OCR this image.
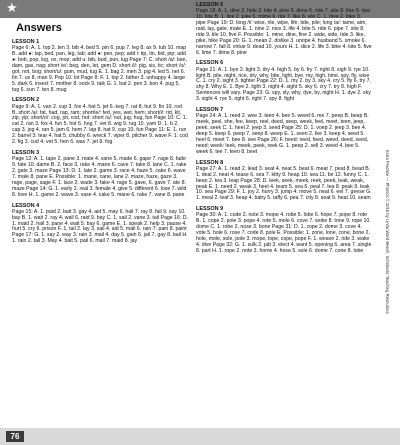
★
Answers
LESSON 1

Page 6: A. 1. top 2. ten 3. bib 4. bed 5. pin 6. pup 7. leg 8. ax 9. tub 10. map B. add ●: tap, bed, pan, leg, tab; add ●: pen, pep; add i: tip, tin, bid, pip; add ●: bob, pop, log, ox, mop; add u: bib, bud, pun, lug Page 7: C. short /a/: ban, dam, gas, nag; short /e/: beg, den, let, gem D. short /i/: pig, sis, tic; short /o/: got, not, bog; short/u/: gum, mud, tug E. 1. bag 2. men 3. pig 4. led 5. net 6. fin 7. us 8. man 9. Pop 10. lot Page 8: F. 1. top 2. father 3. unhappy 4. large 5. dark 6. insect 7. mother 8. sock 9. talk G. 1. bat 2. pen 3. bon 4. pug 5. tug 6. sun 7. ten 8. mug

LESSON 2

Page 9: A. 1. van 2. cup 3. fox 4. hat 5. jet 6. keg 7. rat 8. hut 9. fin 10. rod B. short /a/: fat, had, rap, ram; short/e/: fed, yes, wet, hem; short/i/: rid, kit, zip, yip; short/o/: cog, jot, cod, hot: short /u/: nut, jug, hug, fun Page 10: C. 1. cat 2. ran 3. fox 4. fun 5. hot 6. hog 7. vet 8. wig 9. rug 10. yam D. 1. b 2. cap 3. jog 4. ran 5. jam 6. hem 7. lap 8. hat 9. cup 10. fun Page 11: E. 1. run 2. barrel 3. tear 4. hat 5. chubby 6. wreck 7. viper 8. pitcher 9. wave F. 1. cod 2. fig 3. cud 4. vet 5. hen 6. wax 7. jet 8. fog

LESSON 3

Page 12: A. 1. tape 2. pane 3. mate 4. vane 5. made 6. gape 7. rage 8. fade 9. fate 10. dame B. 2. face 3. rake 4. mane 6. cave 7. take 8. lane C. 1. rake 2. gate 3. maze Page 13: D. 1. late 2. game 3. race 4. haze 5. cake 6. wave 7. male 8. pane E. Possible: 1. mane, cane, lane 2. maze, haze, gaze 3. rage, page, sage F. 1. lace 2. wade 3. fake 4. rage 5. gave, 6. gave 7. ate 8. maze Page 14: G. 1. early 2. real 3. female 4. give 5. different 6. lose 7. wild 8. love H. 1. game 2. wave 3. vase 4. cake 5. mane 6. rake 7. vane 8. pane

LESSON 4

Page 15: A. 1. paid 2. bait 3. gay 4. aid 5. may 6. hail 7. ray 8. fail 9. say 10. bay B. 1. wait 2. ray 4. wail 6. raid 9. bay C. 1. sail 2. vane 3. tail Page 16: D. 1. maid 2. hail 3. pane 4. wait 5. bay 6. game E. 1. speak 2. help 3. pause 4. hurt 5. cry 6. prison F. 1. tail 2. lay 3. sail 4. aid 5. mail 6. rain 7. pain 8. paint Page 17: G. 1. say 2. way 3. rain 3. mail 4. day 5. gain 6. jail 7. gay 8. bail H. 1. rain 2. tail 3. May 4. bait 5. pail 6. mail 7. maid 8. jay

LESSON 5

Page 18: A. 1. dine 2. hide 3. kite 4. pine 5. dime 6. ride 7. site 8. fine 9. ripe 10. bite B. 1. lice 2. pike 5. mime 6. rite 7. like 8. vile C. 1. hive 2. bike 3. pipe Page 19: D. long /i/: wise, rile, wipe, life, tide, pile; long /a/: tame, aim, raid, lay, gate, mate E. 1. nine 2. nice 3. life 4. bite 5. ride 6. pipe 7. site 8. ride 9. tile 10. five F. Possible: 1. mine, dine, fine 2. wide, side, tide 3. like, pike, hike Page 20: G. 1. mean 2. dislike 3. unripe 4. husband 5. smoke 6. narrow 7. fall 8. virtue 9. dead 10. yours H. 1. dice 2. life 3. bike 4. kite 5. five 6. lime 7. dime 8. pine

LESSON 6

Page 21: A. 1. bye 2. tight 3. dry 4. high 5. by 6. fry 7. right 8. sigh 9. rye 10. light B. pile, night, rice, dry, why, bite, light, bye, my, high, time, spy, fly, wise C. 1. cry 2. sight 3. tighter Page 22: D. 1. my 2. by 3. sky 4. cry 5. fly 6. try 7. shy 8. Why E. 1. Bye 2. light 3. night 4. sight 5. sky 6. cry 7. try 8. high F. Sentences will vary. Page 23: G. spy, sly, why, dye, by, night H. 1. dye 2. sky 3. sight 4. rye 5. right 6. right 7. spy 8. fight

LESSON 7

Page 24: A. 1. reed 2. wee 3. teen 4. bee 5. weed 6. me 7. peep B. beep B. meek, peel, she, fee, keep, reel, deed, seep, week, feel, meet, teen, jeep, peek, seek C. 1. heel 2. jeep 3. seed Page 25: D. 1. voep 2. jeep 3. bee 4. deep 5. keep 6. peep 7. seep 8. weep E. 1. seen 2. fee 3. keep 4. seed 5. heel 6. meet 7. bee 8. see Page 26: F. heed: reed, feed, weed, deed, seed, need; week: leek, meek, peek, reek G. 1. peep 2. sell 3. weed 4. bee 5. week 6. tee 7. teen 8. beet

LESSON 8

Page 27: A. 1. read 2. lead 3. seat 4. neat 5. beat 6. meat 7. peat 8. bead B. 1. deal 2. neat 4. tease 6. sea 7. kitty 9. heap 10. sea 11. be 12. funny C. 1. bean 2. tea 3. leap Page 28: D. leek, seek, meek, reek, peek, leak, weak, peak E. 1. need 2. weak 3. heel 4. team 5. sea 6. peal 7. tea 8. peak 9. leak 10. sea Page 29: F. 1. joy 2. hurry 3. jump 4. move 5. neat 6. eel 7. geese G. 1. meal 2. leaf 3. heap 4. baby 5. taffy 6. pea 7. city 8. seat 9. heat 10. seam

LESSON 9

Page 30: A. 1. code 2. note 3. mope 4. robe 5. lobe 6. hope 7. pope 8. rote B. 1. cope 2. pole 3. pope 4. rote 5. mole 6. cove 7. woke 8. tone 9. rope 10. dome C. 1. robe 2. nose 3. bone Page 31: D. 1. cope 2. dome 3. cove 4. vote 5. hole 6. rose 7. code 8. pole E. Possible: 1. zone, lone, cone, bone 2. hole, mole, sole, pole 3. mope, lope, cope, pope F. 1. weave 2. ride 3. wake 4. dive Page 32: G. 1. sulk 2. jab 3. elect 4. want 5. opening 6. area 7. single 8. part H. 1. rope 2. note 3. home 4. hose 5. sole 6. dome 7. cone 8. lobe	Extra Practice — Phonics © 2010 by Linda Ward Beech, Scholastic Teaching Resources
76
